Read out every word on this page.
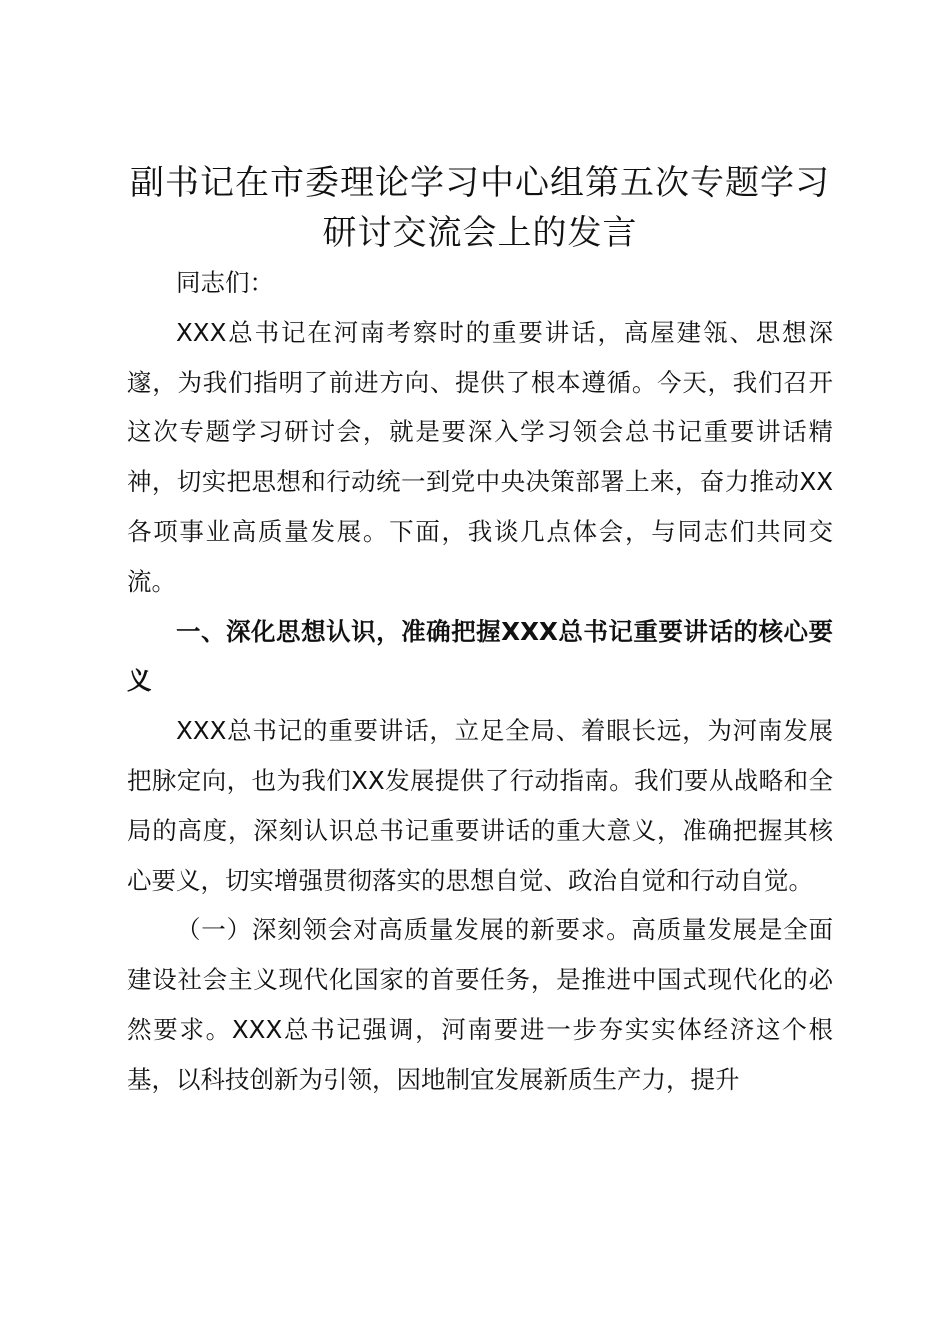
副书记在市委理论学习中心组第五次专题学习
研讨交流会上的发言

同志们：

XXX总书记在河南考察时的重要讲话，高屋建瓴、思想深邃，为我们指明了前进方向、提供了根本遵循。今天，我们召开这次专题学习研讨会，就是要深入学习领会总书记重要讲话精神，切实把思想和行动统一到党中央决策部署上来，奋力推动XX各项事业高质量发展。下面，我谈几点体会，与同志们共同交流。

一、深化思想认识，准确把握XXX总书记重要讲话的核心要义

XXX总书记的重要讲话，立足全局、着眼长远，为河南发展把脉定向，也为我们XX发展提供了行动指南。我们要从战略和全局的高度，深刻认识总书记重要讲话的重大意义，准确把握其核心要义，切实增强贯彻落实的思想自觉、政治自觉和行动自觉。

（一）深刻领会对高质量发展的新要求。高质量发展是全面建设社会主义现代化国家的首要任务，是推进中国式现代化的必然要求。XXX总书记强调，河南要进一步夯实实体经济这个根基，以科技创新为引领，因地制宜发展新质生产力，提升
